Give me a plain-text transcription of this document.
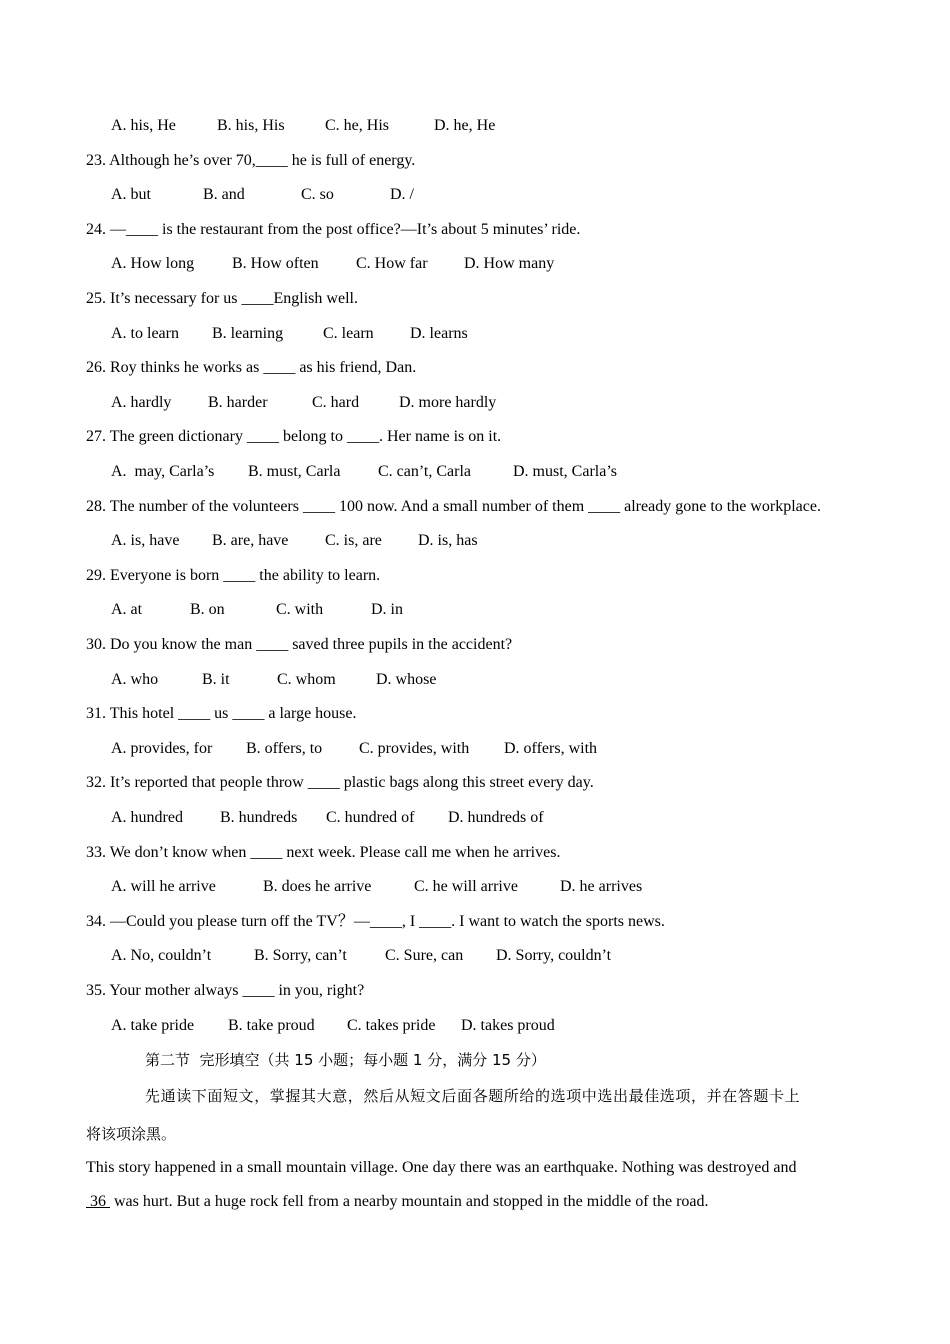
A. his, He	B. his, His	C. he, His	D. he, He
23. Although he’s over 70,____ he is full of energy.
A. but	B. and	C. so	D. /
24. —____ is the restaurant from the post office?—It’s about 5 minutes’ ride.
A. How long B. How often C. How far D. How many
25. It’s necessary for us ____English well.
A. to learn B. learning C. learn D. learns
26. Roy thinks he works as ____ as his friend, Dan.
A. hardly B. harder	C. hard D. more hardly
27. The green dictionary ____ belong to ____. Her name is on it.
A.  may, Carla’s B. must, Carla C. can’t, Carla	D. must, Carla’s
28. The number of the volunteers ____ 100 now. And a small number of them ____ already gone to the workplace.
A. is, have B. are, have C. is, are D. is, has
29. Everyone is born ____ the ability to learn.
A. at	B. on	C. with	D. in
30. Do you know the man ____ saved three pupils in the accident?
A. who	B. it	C. whom	D. whose
31. This hotel ____ us ____ a large house.
A. provides, for B. offers, to C. provides, with D. offers, with
32. It’s reported that people throw ____ plastic bags along this street every day.
A. hundred B. hundreds C. hundred of D. hundreds of
33. We don’t know when ____ next week. Please call me when he arrives.
A. will he arrive	B. does he arrive	C. he will arrive	D. he arrives
34. —Could you please turn off the TV？—____, I ____. I want to watch the sports news.
A. No, couldn’t	B. Sorry, can’t C. Sure, can D. Sorry, couldn’t
35. Your mother always ____ in you, right?
A. take pride B. take proud C. takes pride D. takes proud
第二节  完形填空（共 15 小题；每小题 1 分，满分 15 分）
先通读下面短文，掌握其大意，然后从短文后面各题所给的选项中选出最佳选项，并在答题卡上
将该项涂黑。
This story happened in a small mountain village. One day there was an earthquake. Nothing was destroyed and
36  was hurt. But a huge rock fell from a nearby mountain and stopped in the middle of the road.
